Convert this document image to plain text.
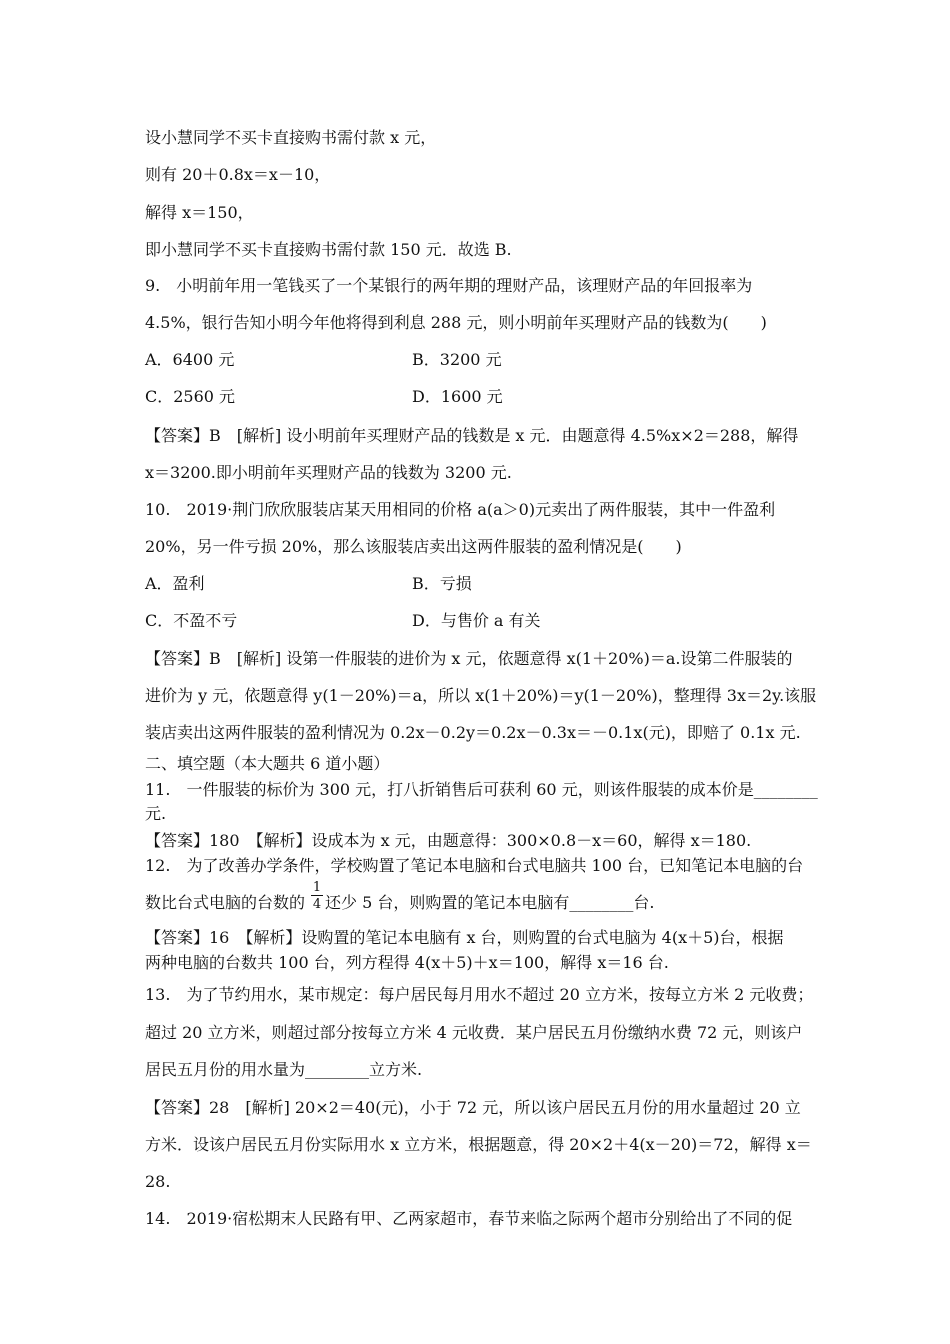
设小慧同学不买卡直接购书需付款 x 元，
则有 20＋0.8x＝x－10，
解得 x＝150，
即小慧同学不买卡直接购书需付款 150 元．故选 B.
9.　小明前年用一笔钱买了一个某银行的两年期的理财产品，该理财产品的年回报率为
4.5%，银行告知小明今年他将得到利息 288 元，则小明前年买理财产品的钱数为(　　)
A．6400 元	B．3200 元
C．2560 元	D．1600 元
【答案】B　[解析] 设小明前年买理财产品的钱数是 x 元．由题意得 4.5%x×2＝288，解得
x＝3200.即小明前年买理财产品的钱数为 3200 元.
10.　2019·荆门欣欣服装店某天用相同的价格 a(a＞0)元卖出了两件服装，其中一件盈利
20%，另一件亏损 20%，那么该服装店卖出这两件服装的盈利情况是(　　)
A．盈利	B．亏损
C．不盈不亏	D．与售价 a 有关
【答案】B　[解析] 设第一件服装的进价为 x 元，依题意得 x(1＋20%)＝a.设第二件服装的
进价为 y 元，依题意得 y(1－20%)＝a，所以 x(1＋20%)＝y(1－20%)，整理得 3x＝2y.该服
装店卖出这两件服装的盈利情况为 0.2x－0.2y＝0.2x－0.3x＝－0.1x(元)，即赔了 0.1x 元.
二、填空题（本大题共 6 道小题）
11.　一件服装的标价为 300 元，打八折销售后可获利 60 元，则该件服装的成本价是________
元.
【答案】180　【解析】设成本为 x 元，由题意得：300×0.8－x＝60，解得 x＝180.
12.　为了改善办学条件，学校购置了笔记本电脑和台式电脑共 100 台，已知笔记本电脑的台
数比台式电脑的台数的
1
4 还少 5 台，则购置的笔记本电脑有________台.
【答案】16　【解析】设购置的笔记本电脑有 x 台，则购置的台式电脑为 4(x＋5)台，根据
两种电脑的台数共 100 台，列方程得 4(x＋5)＋x＝100，解得 x＝16 台.
13.　为了节约用水，某市规定：每户居民每月用水不超过 20 立方米，按每立方米 2 元收费；
超过 20 立方米，则超过部分按每立方米 4 元收费．某户居民五月份缴纳水费 72 元，则该户
居民五月份的用水量为________立方米.
【答案】28　[解析] 20×2＝40(元)，小于 72 元，所以该户居民五月份的用水量超过 20 立
方米．设该户居民五月份实际用水 x 立方米，根据题意，得 20×2＋4(x－20)＝72，解得 x＝
28.
14.　2019·宿松期末人民路有甲、乙两家超市，春节来临之际两个超市分别给出了不同的促
